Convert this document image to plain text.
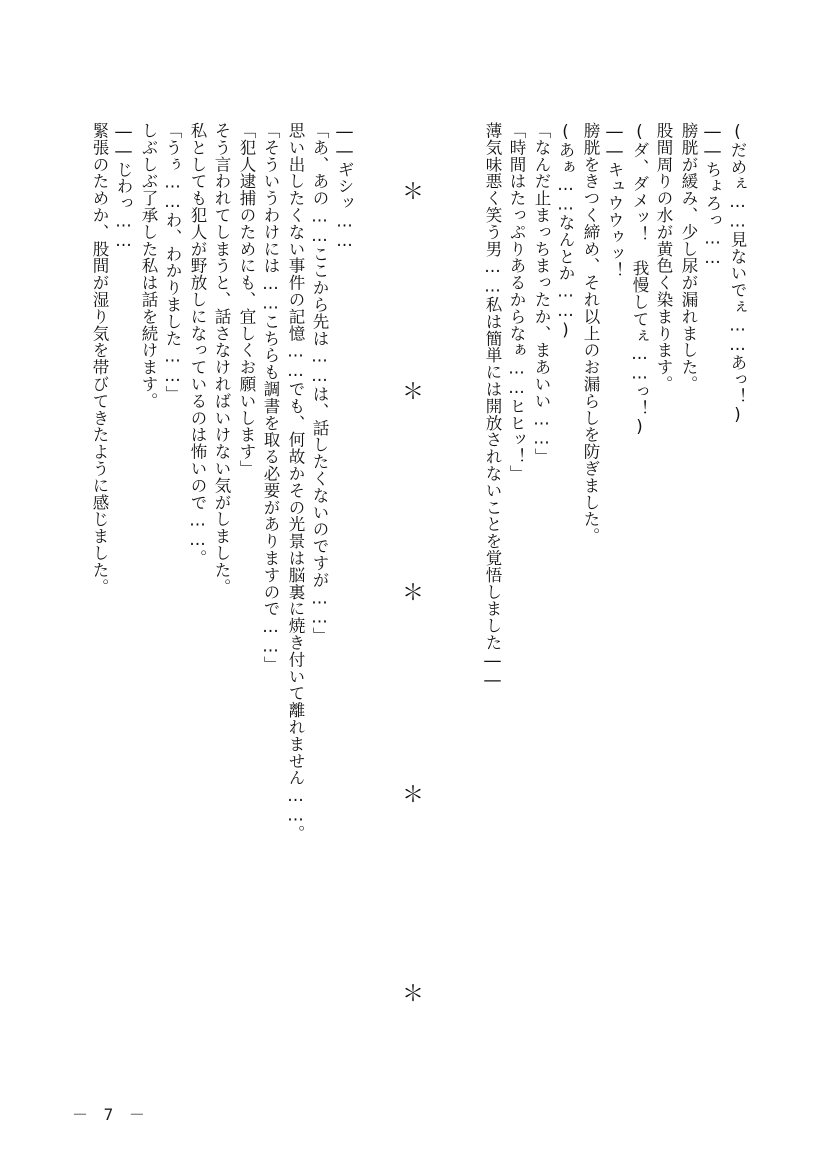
(だめぇ……見ないでぇ……あっ！)
――ちょろっ……
膀胱が緩み、少し尿が漏れました。
股間周りの水が黄色く染まります。
(ダ、ダメッ！　我慢してぇ……っ！)
――キュウウゥッ！
膀胱をきつく締め、それ以上のお漏らしを防ぎました。
(あぁ……なんとか……)
「なんだ止まっちまったか、まあいい……」
「時間はたっぷりあるからなぁ……ヒヒッ！」
薄気味悪く笑う男……私は簡単には開放されないことを覚悟しました――
＊
＊
＊
＊
＊
――ギシッ……
「あ、あの……ここから先は……は、話したくないのですが……」
思い出したくない事件の記憶……でも、何故かその光景は脳裏に焼き付いて離れません……。
「そういうわけには……こちらも調書を取る必要がありますので……」
「犯人逮捕のためにも、宜しくお願いします」
そう言われてしまうと、話さなければいけない気がしました。
私としても犯人が野放しになっているのは怖いので……。
「うぅ……わ、わかりました……」
しぶしぶ了承した私は話を続けます。
――じわっ……
緊張のためか、股間が湿り気を帯びてきたように感じました。
－ 7 －
